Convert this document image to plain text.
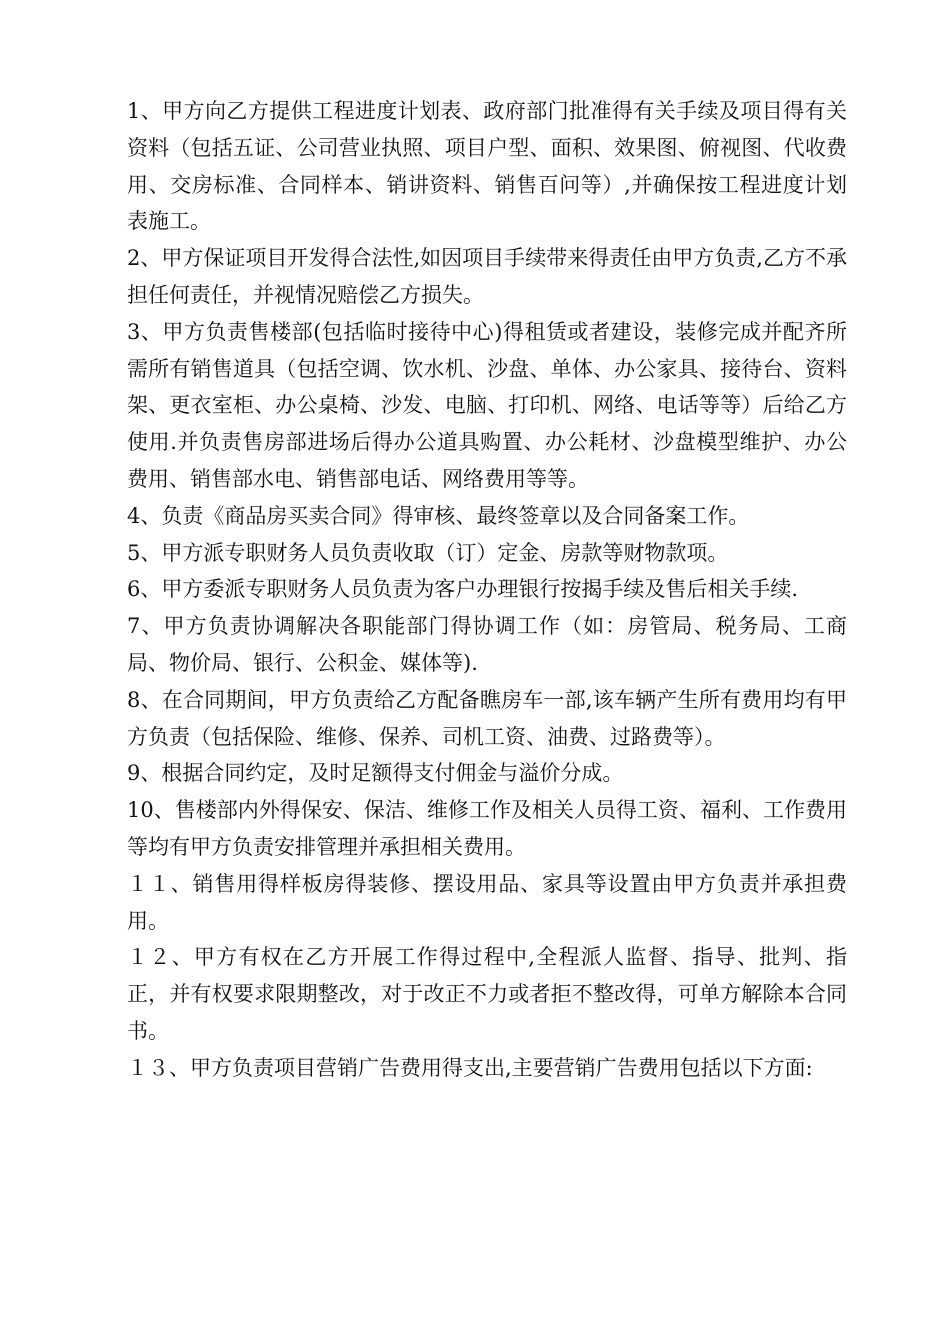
1、甲方向乙方提供工程进度计划表、政府部门批准得有关手续及项目得有关资料（包括五证、公司营业执照、项目户型、面积、效果图、俯视图、代收费用、交房标准、合同样本、销讲资料、销售百问等）,并确保按工程进度计划表施工。

2、甲方保证项目开发得合法性,如因项目手续带来得责任由甲方负责,乙方不承担任何责任，并视情况赔偿乙方损失。

3、甲方负责售楼部(包括临时接待中心)得租赁或者建设，装修完成并配齐所需所有销售道具（包括空调、饮水机、沙盘、单体、办公家具、接待台、资料架、更衣室柜、办公桌椅、沙发、电脑、打印机、网络、电话等等）后给乙方使用.并负责售房部进场后得办公道具购置、办公耗材、沙盘模型维护、办公费用、销售部水电、销售部电话、网络费用等等。

4、负责《商品房买卖合同》得审核、最终签章以及合同备案工作。

5、甲方派专职财务人员负责收取（订）定金、房款等财物款项。

6、甲方委派专职财务人员负责为客户办理银行按揭手续及售后相关手续.

7、甲方负责协调解决各职能部门得协调工作（如：房管局、税务局、工商局、物价局、银行、公积金、媒体等).

8、在合同期间，甲方负责给乙方配备瞧房车一部,该车辆产生所有费用均有甲方负责（包括保险、维修、保养、司机工资、油费、过路费等）。

9、根据合同约定，及时足额得支付佣金与溢价分成。

10、售楼部内外得保安、保洁、维修工作及相关人员得工资、福利、工作费用等均有甲方负责安排管理并承担相关费用。

１１、销售用得样板房得装修、摆设用品、家具等设置由甲方负责并承担费用。

１２、甲方有权在乙方开展工作得过程中,全程派人监督、指导、批判、指正，并有权要求限期整改，对于改正不力或者拒不整改得，可单方解除本合同书。

１３、甲方负责项目营销广告费用得支出,主要营销广告费用包括以下方面:
